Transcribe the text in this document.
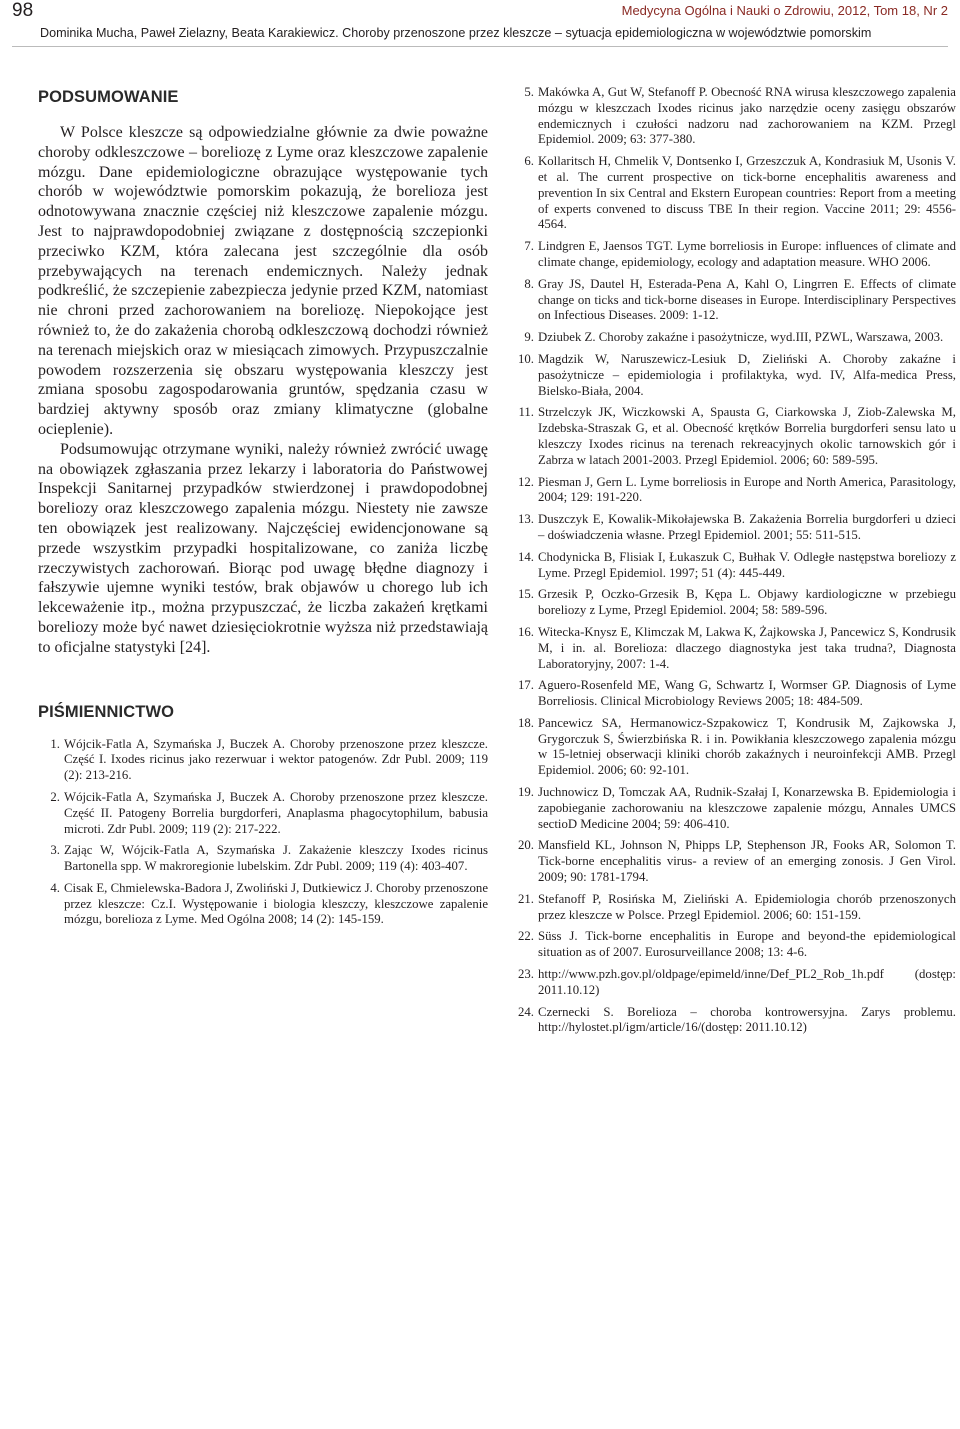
98	Medycyna Ogólna i Nauki o Zdrowiu, 2012, Tom 18, Nr 2
Dominika Mucha, Paweł Zielazny, Beata Karakiewicz. Choroby przenoszone przez kleszcze – sytuacja epidemiologiczna w województwie pomorskim
PODSUMOWANIE

W Polsce kleszcze są odpowiedzialne głównie za dwie poważne choroby odkleszczowe – boreliozę z Lyme oraz kleszczowe zapalenie mózgu. Dane epidemiologiczne obrazujące występowanie tych chorób w województwie pomorskim pokazują, że borelioza jest odnotowywana znacznie częściej niż kleszczowe zapalenie mózgu. Jest to najprawdopodobniej związane z dostępnością szczepionki przeciwko KZM, która zalecana jest szczególnie dla osób przebywających na terenach endemicznych. Należy jednak podkreślić, że szczepienie zabezpiecza jedynie przed KZM, natomiast nie chroni przed zachorowaniem na boreliozę. Niepokojące jest również to, że do zakażenia chorobą odkleszczową dochodzi również na terenach miejskich oraz w miesiącach zimowych. Przypuszczalnie powodem rozszerzenia się obszaru występowania kleszczy jest zmiana sposobu zagospodarowania gruntów, spędzania czasu w bardziej aktywny sposób oraz zmiany klimatyczne (globalne ocieplenie).

Podsumowując otrzymane wyniki, należy również zwrócić uwagę na obowiązek zgłaszania przez lekarzy i laboratoria do Państwowej Inspekcji Sanitarnej przypadków stwierdzonej i prawdopodobnej boreliozy oraz kleszczowego zapalenia mózgu. Niestety nie zawsze ten obowiązek jest realizowany. Najczęściej ewidencjonowane są przede wszystkim przypadki hospitalizowane, co zaniża liczbę rzeczywistych zachorowań. Biorąc pod uwagę błędne diagnozy i fałszywie ujemne wyniki testów, brak objawów u chorego lub ich lekceważenie itp., można przypuszczać, że liczba zakażeń krętkami boreliozy może być nawet dziesięciokrotnie wyższa niż przedstawiają to oficjalne statystyki [24].

PIŚMIENNICTWO
1. Wójcik-Fatla A, Szymańska J, Buczek A. Choroby przenoszone przez kleszcze. Część I. Ixodes ricinus jako rezerwuar i wektor patogenów. Zdr Publ. 2009; 119 (2): 213-216.
2. Wójcik-Fatla A, Szymańska J, Buczek A. Choroby przenoszone przez kleszcze. Część II. Patogeny Borrelia burgdorferi, Anaplasma phagocytophilum, babusia microti. Zdr Publ. 2009; 119 (2): 217-222.
3. Zając W, Wójcik-Fatla A, Szymańska J. Zakażenie kleszczy Ixodes ricinus Bartonella spp. W makroregionie lubelskim. Zdr Publ. 2009; 119 (4): 403-407.
4. Cisak E, Chmielewska-Badora J, Zwoliński J, Dutkiewicz J. Choroby przenoszone przez kleszcze: Cz.I. Występowanie i biologia kleszczy, kleszczowe zapalenie mózgu, borelioza z Lyme. Med Ogólna 2008; 14 (2): 145-159.
5. Makówka A, Gut W, Stefanoff P. Obecność RNA wirusa kleszczowego zapalenia mózgu w kleszczach Ixodes ricinus jako narzędzie oceny zasięgu obszarów endemicznych i czułości nadzoru nad zachorowaniem na KZM. Przegl Epidemiol. 2009; 63: 377-380.
6. Kollaritsch H, Chmelik V, Dontsenko I, Grzeszczuk A, Kondrasiuk M, Usonis V. et al. The current prospective on tick-borne encephalitis awareness and prevention In six Central and Ekstern European countries: Report from a meeting of experts convened to discuss TBE In their region. Vaccine 2011; 29: 4556-4564.
7. Lindgren E, Jaensos TGT. Lyme borreliosis in Europe: influences of climate and climate change, epidemiology, ecology and adaptation measure. WHO 2006.
8. Gray JS, Dautel H, Esterada-Pena A, Kahl O, Lingrren E. Effects of climate change on ticks and tick-borne diseases in Europe. Interdisciplinary Perspectives on Infectious Diseases. 2009: 1-12.
9. Dziubek Z. Choroby zakaźne i pasożytnicze, wyd.III, PZWL, Warszawa, 2003.
10. Magdzik W, Naruszewicz-Lesiuk D, Zieliński A. Choroby zakaźne i pasożytnicze – epidemiologia i profilaktyka, wyd. IV, Alfa-medica Press, Bielsko-Biała, 2004.
11. Strzelczyk JK, Wiczkowski A, Spausta G, Ciarkowska J, Ziob-Zalewska M, Izdebska-Straszak G, et al. Obecność krętków Borrelia burgdorferi sensu lato u kleszczy Ixodes ricinus na terenach rekreacyjnych okolic tarnowskich gór i Zabrza w latach 2001-2003. Przegl Epidemiol. 2006; 60: 589-595.
12. Piesman J, Gern L. Lyme borreliosis in Europe and North America, Parasitology, 2004; 129: 191-220.
13. Duszczyk E, Kowalik-Mikołajewska B. Zakażenia Borrelia burgdorferi u dzieci – doświadczenia własne. Przegl Epidemiol. 2001; 55: 511-515.
14. Chodynicka B, Flisiak I, Łukaszuk C, Bułhak V. Odległe następstwa boreliozy z Lyme. Przegl Epidemiol. 1997; 51 (4): 445-449.
15. Grzesik P, Oczko-Grzesik B, Kępa L. Objawy kardiologiczne w przebiegu boreliozy z Lyme, Przegl Epidemiol. 2004; 58: 589-596.
16. Witecka-Knysz E, Klimczak M, Lakwa K, Żajkowska J, Pancewicz S, Kondrusik M, i in. al. Borelioza: dlaczego diagnostyka jest taka trudna?, Diagnosta Laboratoryjny, 2007: 1-4.
17. Aguero-Rosenfeld ME, Wang G, Schwartz I, Wormser GP. Diagnosis of Lyme Borreliosis. Clinical Microbiology Reviews 2005; 18: 484-509.
18. Pancewicz SA, Hermanowicz-Szpakowicz T, Kondrusik M, Zajkowska J, Grygorczuk S, Świerzbińska R. i in. Powikłania kleszczowego zapalenia mózgu w 15-letniej obserwacji kliniki chorób zakaźnych i neuroinfekcji AMB. Przegl Epidemiol. 2006; 60: 92-101.
19. Juchnowicz D, Tomczak AA, Rudnik-Szałaj I, Konarzewska B. Epidemiologia i zapobieganie zachorowaniu na kleszczowe zapalenie mózgu, Annales UMCS sectioD Medicine 2004; 59: 406-410.
20. Mansfield KL, Johnson N, Phipps LP, Stephenson JR, Fooks AR, Solomon T. Tick-borne encephalitis virus- a review of an emerging zonosis. J Gen Virol. 2009; 90: 1781-1794.
21. Stefanoff P, Rosińska M, Zieliński A. Epidemiologia chorób przenoszonych przez kleszcze w Polsce. Przegl Epidemiol. 2006; 60: 151-159.
22. Süss J. Tick-borne encephalitis in Europe and beyond-the epidemiological situation as of 2007. Eurosurveillance 2008; 13: 4-6.
23. http://www.pzh.gov.pl/oldpage/epimeld/inne/Def_PL2_Rob_1h.pdf (dostęp: 2011.10.12)
24. Czernecki S. Borelioza – choroba kontrowersyjna. Zarys problemu. http://hylostet.pl/igm/article/16/(dostęp: 2011.10.12)
